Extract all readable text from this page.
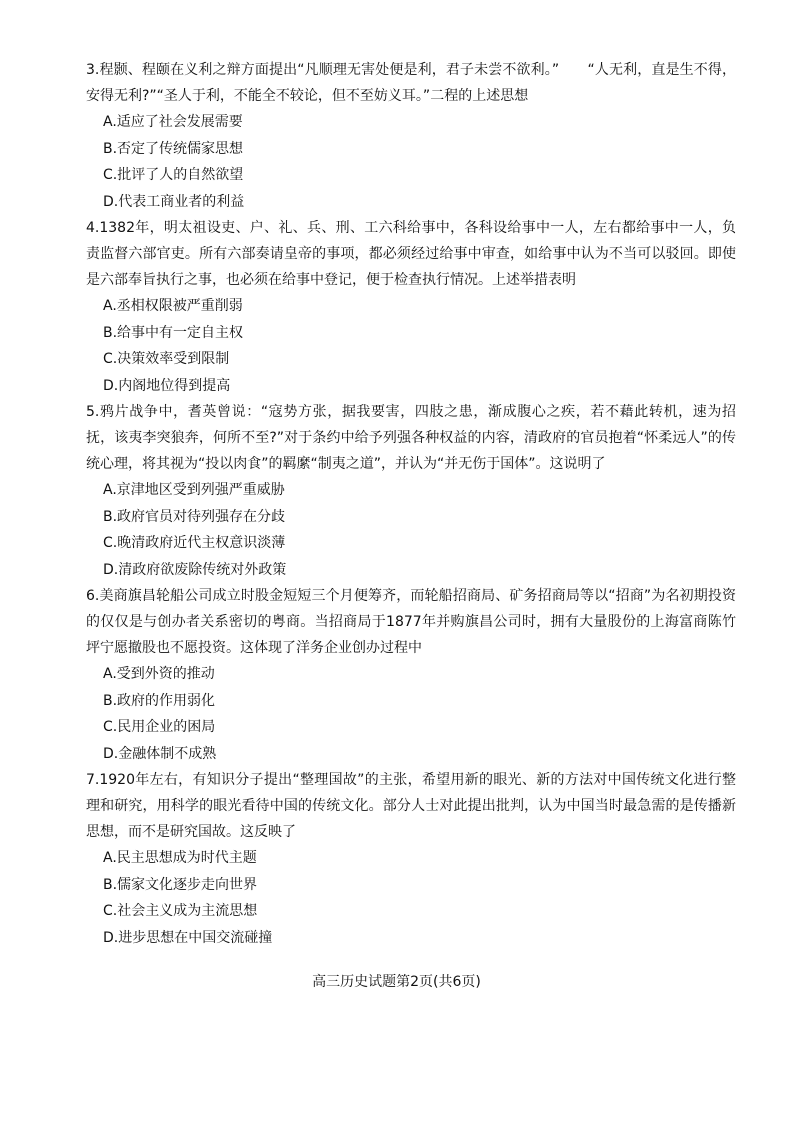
3.程颢、程颐在义利之辩方面提出“凡顺理无害处便是利，君子未尝不欲利。”　　“人无利，直是生不得，安得无利?”“圣人于利，不能全不较论，但不至妨义耳。”二程的上述思想

A.适应了社会发展需要
B.否定了传统儒家思想
C.批评了人的自然欲望
D.代表工商业者的利益

4.1382年，明太祖设吏、户、礼、兵、刑、工六科给事中，各科设给事中一人，左右都给事中一人，负责监督六部官吏。所有六部奏请皇帝的事项，都必须经过给事中审查，如给事中认为不当可以驳回。即使是六部奉旨执行之事，也必须在给事中登记，便于检查执行情况。上述举措表明

A.丞相权限被严重削弱
B.给事中有一定自主权
C.决策效率受到限制
D.内阁地位得到提高

5.鸦片战争中，耆英曾说：“寇势方张，据我要害，四肢之患，渐成腹心之疾，若不藉此转机，速为招抚，该夷李突狼奔，何所不至?”对于条约中给予列强各种权益的内容，清政府的官员抱着“怀柔远人”的传统心理，将其视为“投以肉食”的羁縻“制夷之道”，并认为“并无伤于国体”。这说明了

A.京津地区受到列强严重威胁
B.政府官员对待列强存在分歧
C.晚清政府近代主权意识淡薄
D.清政府欲废除传统对外政策

6.美商旗昌轮船公司成立时股金短短三个月便筹齐，而轮船招商局、矿务招商局等以“招商”为名初期投资的仅仅是与创办者关系密切的粤商。当招商局于1877年并购旗昌公司时，拥有大量股份的上海富商陈竹坪宁愿撤股也不愿投资。这体现了洋务企业创办过程中

A.受到外资的推动
B.政府的作用弱化
C.民用企业的困局
D.金融体制不成熟

7.1920年左右，有知识分子提出“整理国故”的主张，希望用新的眼光、新的方法对中国传统文化进行整理和研究，用科学的眼光看待中国的传统文化。部分人士对此提出批判，认为中国当时最急需的是传播新思想，而不是研究国故。这反映了

A.民主思想成为时代主题
B.儒家文化逐步走向世界
C.社会主义成为主流思想
D.进步思想在中国交流碰撞
高三历史试题第2页(共6页)
